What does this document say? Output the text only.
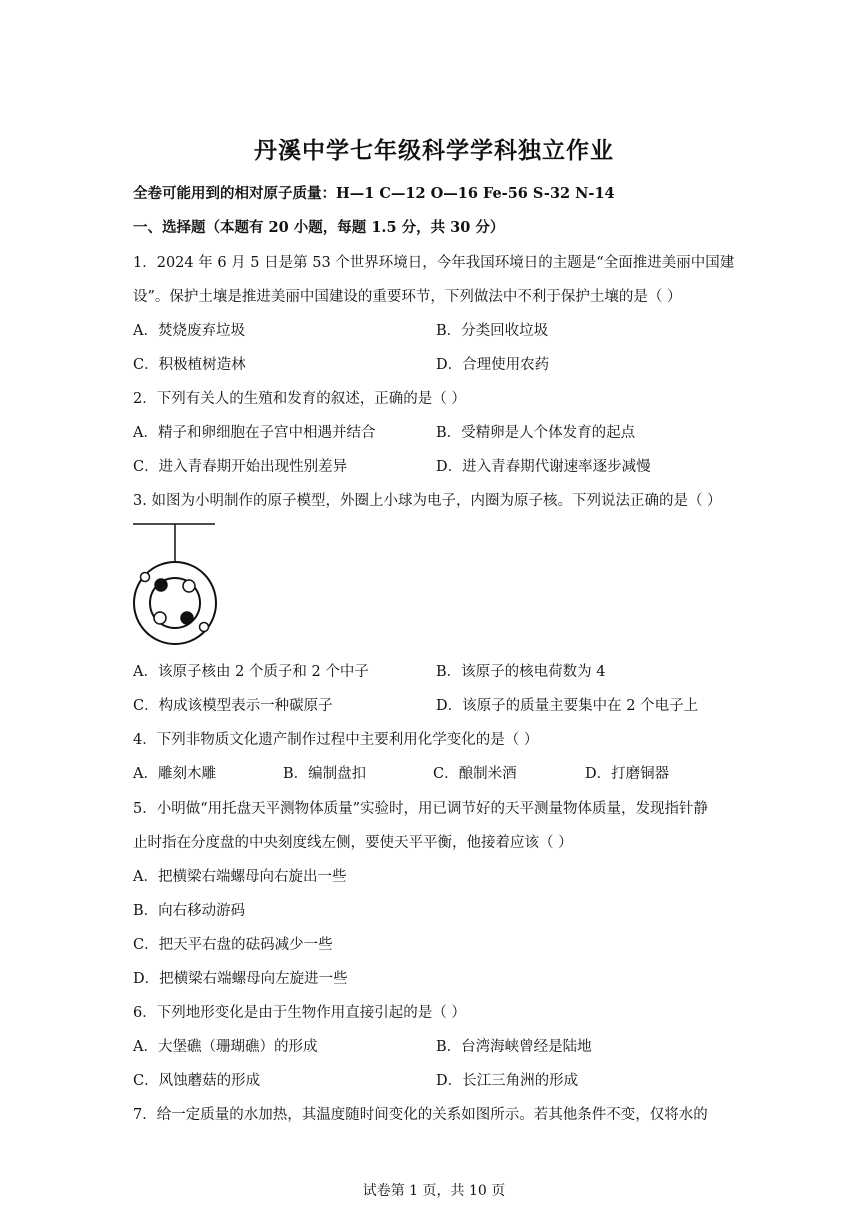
丹溪中学七年级科学学科独立作业
全卷可能用到的相对原子质量：H—1 C—12 O—16 Fe-56 S-32 N-14
一、选择题（本题有 20 小题，每题 1.5 分，共 30 分）
1．2024 年 6 月 5 日是第 53 个世界环境日，今年我国环境日的主题是“全面推进美丽中国建
设”。保护土壤是推进美丽中国建设的重要环节，下列做法中不利于保护土壤的是（ ）
A．焚烧废弃垃圾	B．分类回收垃圾
C．积极植树造林	D．合理使用农药
2．下列有关人的生殖和发育的叙述，正确的是（ ）
A．精子和卵细胞在子宫中相遇并结合	B．受精卵是人个体发育的起点
C．进入青春期开始出现性别差异	D．进入青春期代谢速率逐步减慢
3. 如图为小明制作的原子模型，外圈上小球为电子，内圈为原子核。下列说法正确的是（ ）
A．该原子核由 2 个质子和 2 个中子	B．该原子的核电荷数为 4
C．构成该模型表示一种碳原子	D．该原子的质量主要集中在 2 个电子上
4．下列非物质文化遗产制作过程中主要利用化学变化的是（ ）
A．雕刻木雕	B．编制盘扣	C．酿制米酒	D．打磨铜器
5．小明做“用托盘天平测物体质量”实验时，用已调节好的天平测量物体质量，发现指针静
止时指在分度盘的中央刻度线左侧，要使天平平衡，他接着应该（ ）
A．把横梁右端螺母向右旋出一些
B．向右移动游码
C．把天平右盘的砝码减少一些
D．把横梁右端螺母向左旋进一些
6．下列地形变化是由于生物作用直接引起的是（ ）
A．大堡礁（珊瑚礁）的形成	B．台湾海峡曾经是陆地
C．风蚀蘑菇的形成	D．长江三角洲的形成
7．给一定质量的水加热，其温度随时间变化的关系如图所示。若其他条件不变，仅将水的
试卷第 1 页，共 10 页
